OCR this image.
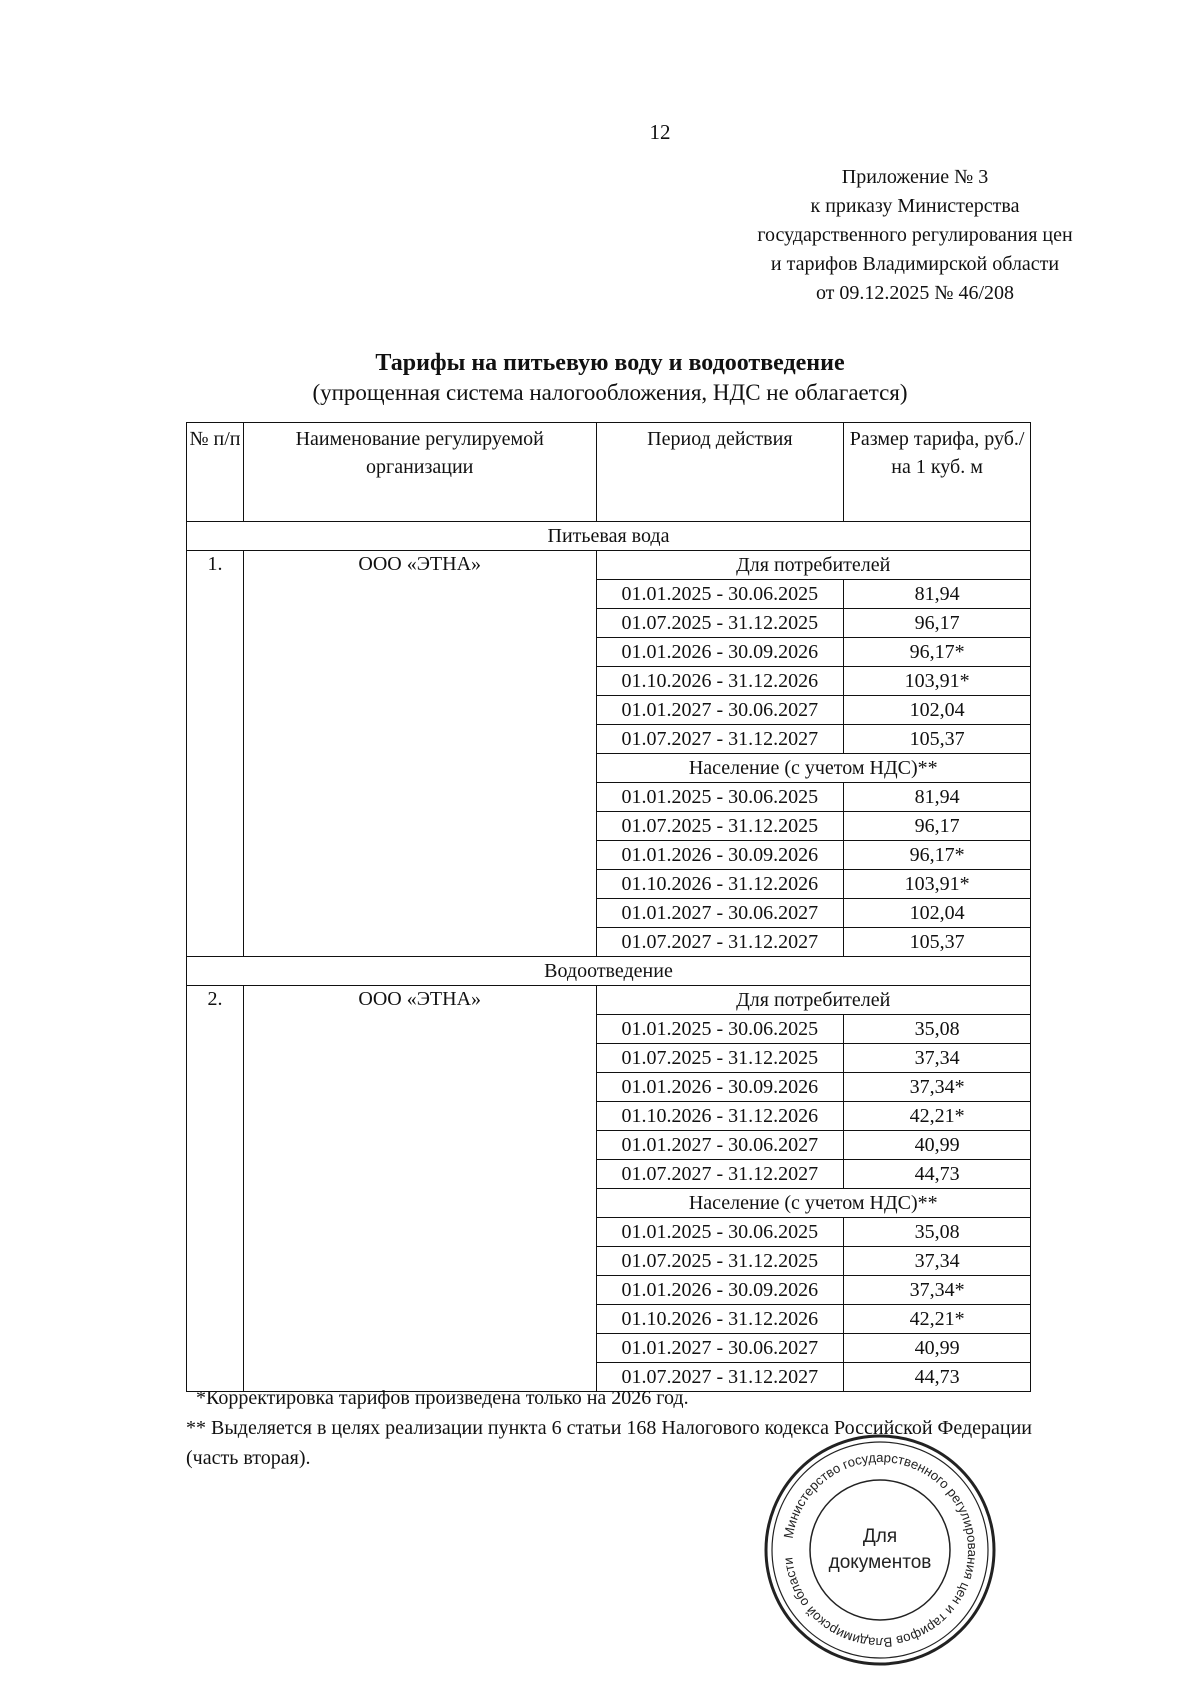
12
Приложение № 3
к приказу Министерства
государственного регулирования цен
и тарифов Владимирской области
от 09.12.2025 № 46/208
Тарифы на питьевую воду и водоотведение
(упрощенная система налогообложения, НДС не облагается)
№ п/п	Наименование регулируемой организации	Период действия	Размер тарифа, руб./на 1 куб. м
Питьевая вода			
1.	ООО «ЭТНА»	Для потребителей	
		01.01.2025 - 30.06.2025	81,94
		01.07.2025 - 31.12.2025	96,17
		01.01.2026 - 30.09.2026	96,17*
		01.10.2026 - 31.12.2026	103,91*
		01.01.2027 - 30.06.2027	102,04
		01.07.2027 - 31.12.2027	105,37
		Население (с учетом НДС)**	
		01.01.2025 - 30.06.2025	81,94
		01.07.2025 - 31.12.2025	96,17
		01.01.2026 - 30.09.2026	96,17*
		01.10.2026 - 31.12.2026	103,91*
		01.01.2027 - 30.06.2027	102,04
		01.07.2027 - 31.12.2027	105,37
Водоотведение			
2.	ООО «ЭТНА»	Для потребителей	
		01.01.2025 - 30.06.2025	35,08
		01.07.2025 - 31.12.2025	37,34
		01.01.2026 - 30.09.2026	37,34*
		01.10.2026 - 31.12.2026	42,21*
		01.01.2027 - 30.06.2027	40,99
		01.07.2027 - 31.12.2027	44,73
		Население (с учетом НДС)**	
		01.01.2025 - 30.06.2025	35,08
		01.07.2025 - 31.12.2025	37,34
		01.01.2026 - 30.09.2026	37,34*
		01.10.2026 - 31.12.2026	42,21*
		01.01.2027 - 30.06.2027	40,99
		01.07.2027 - 31.12.2027	44,73
*Корректировка тарифов произведена только на 2026 год.
** Выделяется в целях реализации пункта 6 статьи 168 Налогового кодекса Российской Федерации (часть вторая).
Министерство государственного регулирования цен и тарифов Владимирской области
Для
документов
